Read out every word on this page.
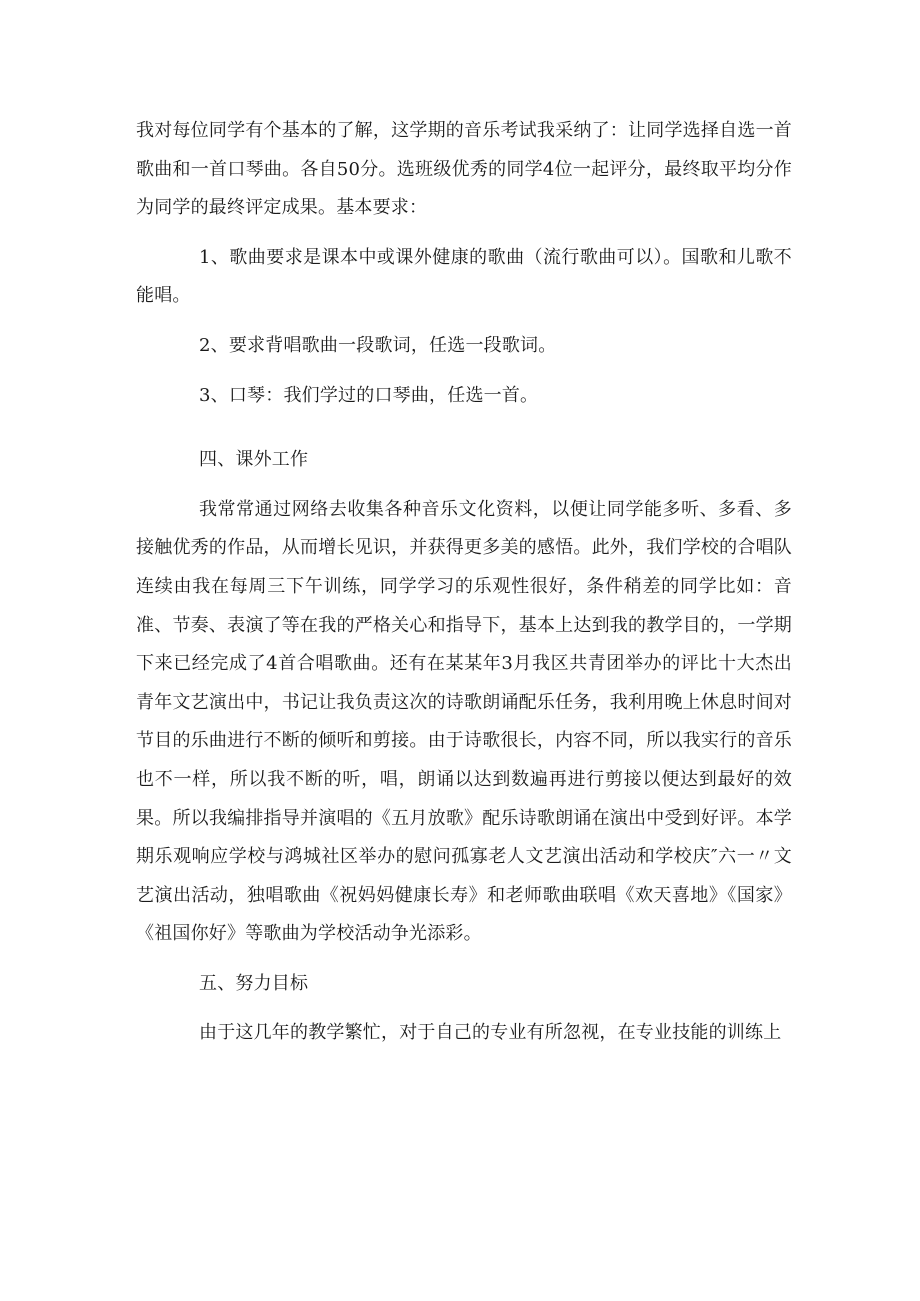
我对每位同学有个基本的了解，这学期的音乐考试我采纳了：让同学选择自选一首歌曲和一首口琴曲。各自50分。选班级优秀的同学4位一起评分，最终取平均分作为同学的最终评定成果。基本要求：

1、歌曲要求是课本中或课外健康的歌曲（流行歌曲可以）。国歌和儿歌不能唱。

2、要求背唱歌曲一段歌词，任选一段歌词。

3、口琴：我们学过的口琴曲，任选一首。

四、课外工作

我常常通过网络去收集各种音乐文化资料，以便让同学能多听、多看、多接触优秀的作品，从而增长见识，并获得更多美的感悟。此外，我们学校的合唱队连续由我在每周三下午训练，同学学习的乐观性很好，条件稍差的同学比如：音准、节奏、表演了等在我的严格关心和指导下，基本上达到我的教学目的，一学期下来已经完成了4首合唱歌曲。还有在某某年3月我区共青团举办的评比十大杰出青年文艺演出中，书记让我负责这次的诗歌朗诵配乐任务，我利用晚上休息时间对节目的乐曲进行不断的倾听和剪接。由于诗歌很长，内容不同，所以我实行的音乐也不一样，所以我不断的听，唱，朗诵以达到数遍再进行剪接以便达到最好的效果。所以我编排指导并演唱的《五月放歌》配乐诗歌朗诵在演出中受到好评。本学期乐观响应学校与鸿城社区举办的慰问孤寡老人文艺演出活动和学校庆″六一〃文艺演出活动，独唱歌曲《祝妈妈健康长寿》和老师歌曲联唱《欢天喜地》《国家》《祖国你好》等歌曲为学校活动争光添彩。

五、努力目标

由于这几年的教学繁忙，对于自己的专业有所忽视，在专业技能的训练上
